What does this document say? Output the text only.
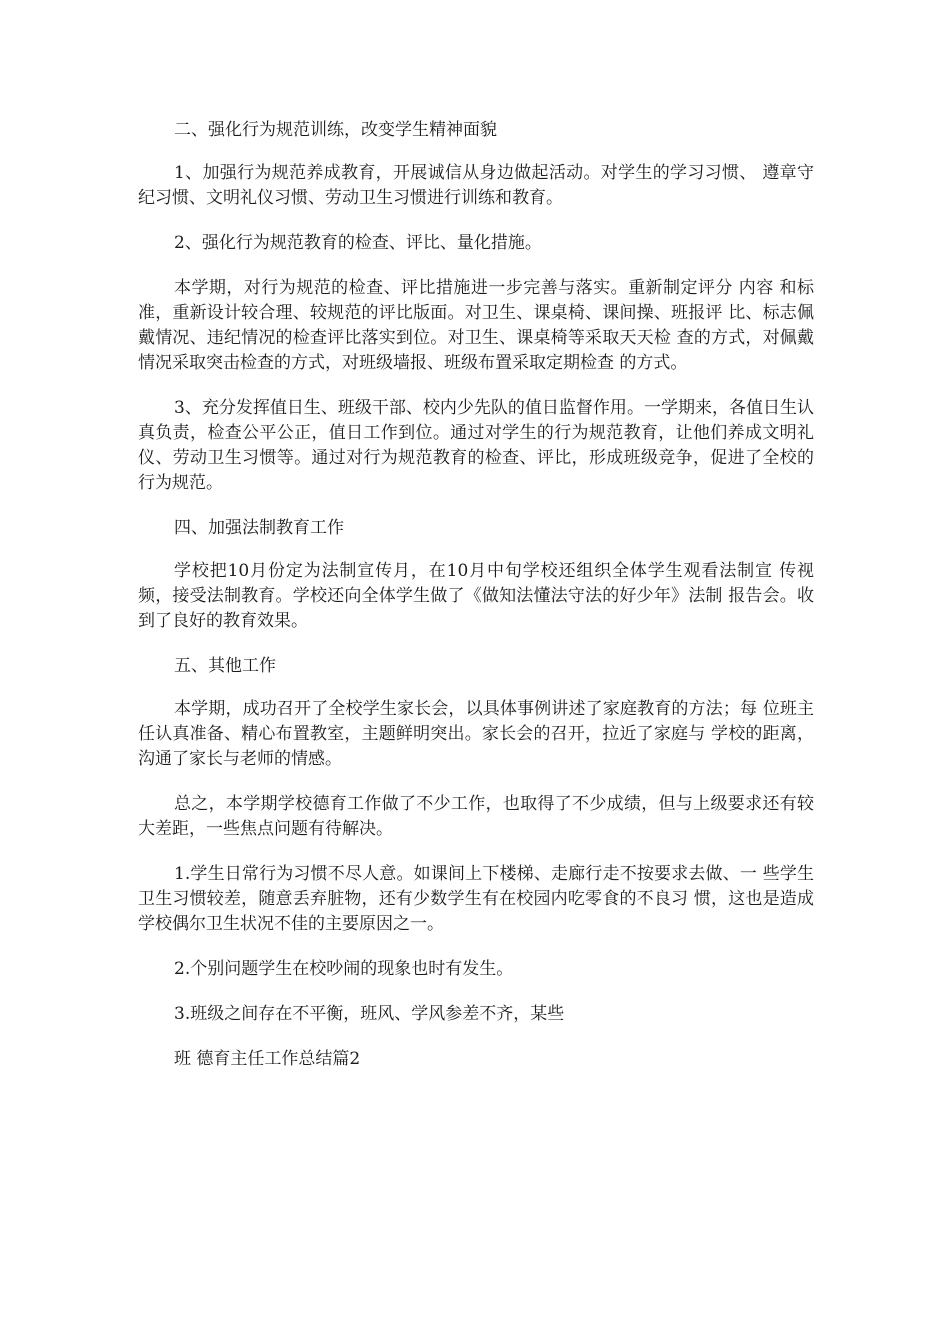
二、强化行为规范训练，改变学生精神面貌

1、加强行为规范养成教育，开展诚信从身边做起活动。对学生的学习习惯、 遵章守纪习惯、文明礼仪习惯、劳动卫生习惯进行训练和教育。

2、强化行为规范教育的检查、评比、量化措施。

本学期，对行为规范的检查、评比措施进一步完善与落实。重新制定评分 内容 和标准，重新设计较合理、较规范的评比版面。对卫生、课桌椅、课间操、班报评 比、标志佩戴情况、违纪情况的检查评比落实到位。对卫生、课桌椅等采取天天检 查的方式，对佩戴情况采取突击检查的方式，对班级墙报、班级布置采取定期检查 的方式。

3、充分发挥值日生、班级干部、校内少先队的值日监督作用。一学期来，各值日生认真负责，检查公平公正，值日工作到位。通过对学生的行为规范教育，让他们养成文明礼仪、劳动卫生习惯等。通过对行为规范教育的检查、评比，形成班级竞争，促进了全校的行为规范。

四、加强法制教育工作

学校把10月份定为法制宣传月，在10月中旬学校还组织全体学生观看法制宣 传视频，接受法制教育。学校还向全体学生做了《做知法懂法守法的好少年》法制 报告会。收到了良好的教育效果。

五、其他工作

本学期，成功召开了全校学生家长会，以具体事例讲述了家庭教育的方法；每 位班主任认真准备、精心布置教室，主题鲜明突出。家长会的召开，拉近了家庭与 学校的距离，沟通了家长与老师的情感。

总之，本学期学校德育工作做了不少工作，也取得了不少成绩，但与上级要求还有较大差距，一些焦点问题有待解决。

1.学生日常行为习惯不尽人意。如课间上下楼梯、走廊行走不按要求去做、一 些学生卫生习惯较差，随意丢弃脏物，还有少数学生有在校园内吃零食的不良习 惯，这也是造成学校偶尔卫生状况不佳的主要原因之一。

2.个别问题学生在校吵闹的现象也时有发生。

3.班级之间存在不平衡，班风、学风参差不齐，某些

班 德育主任工作总结篇2
